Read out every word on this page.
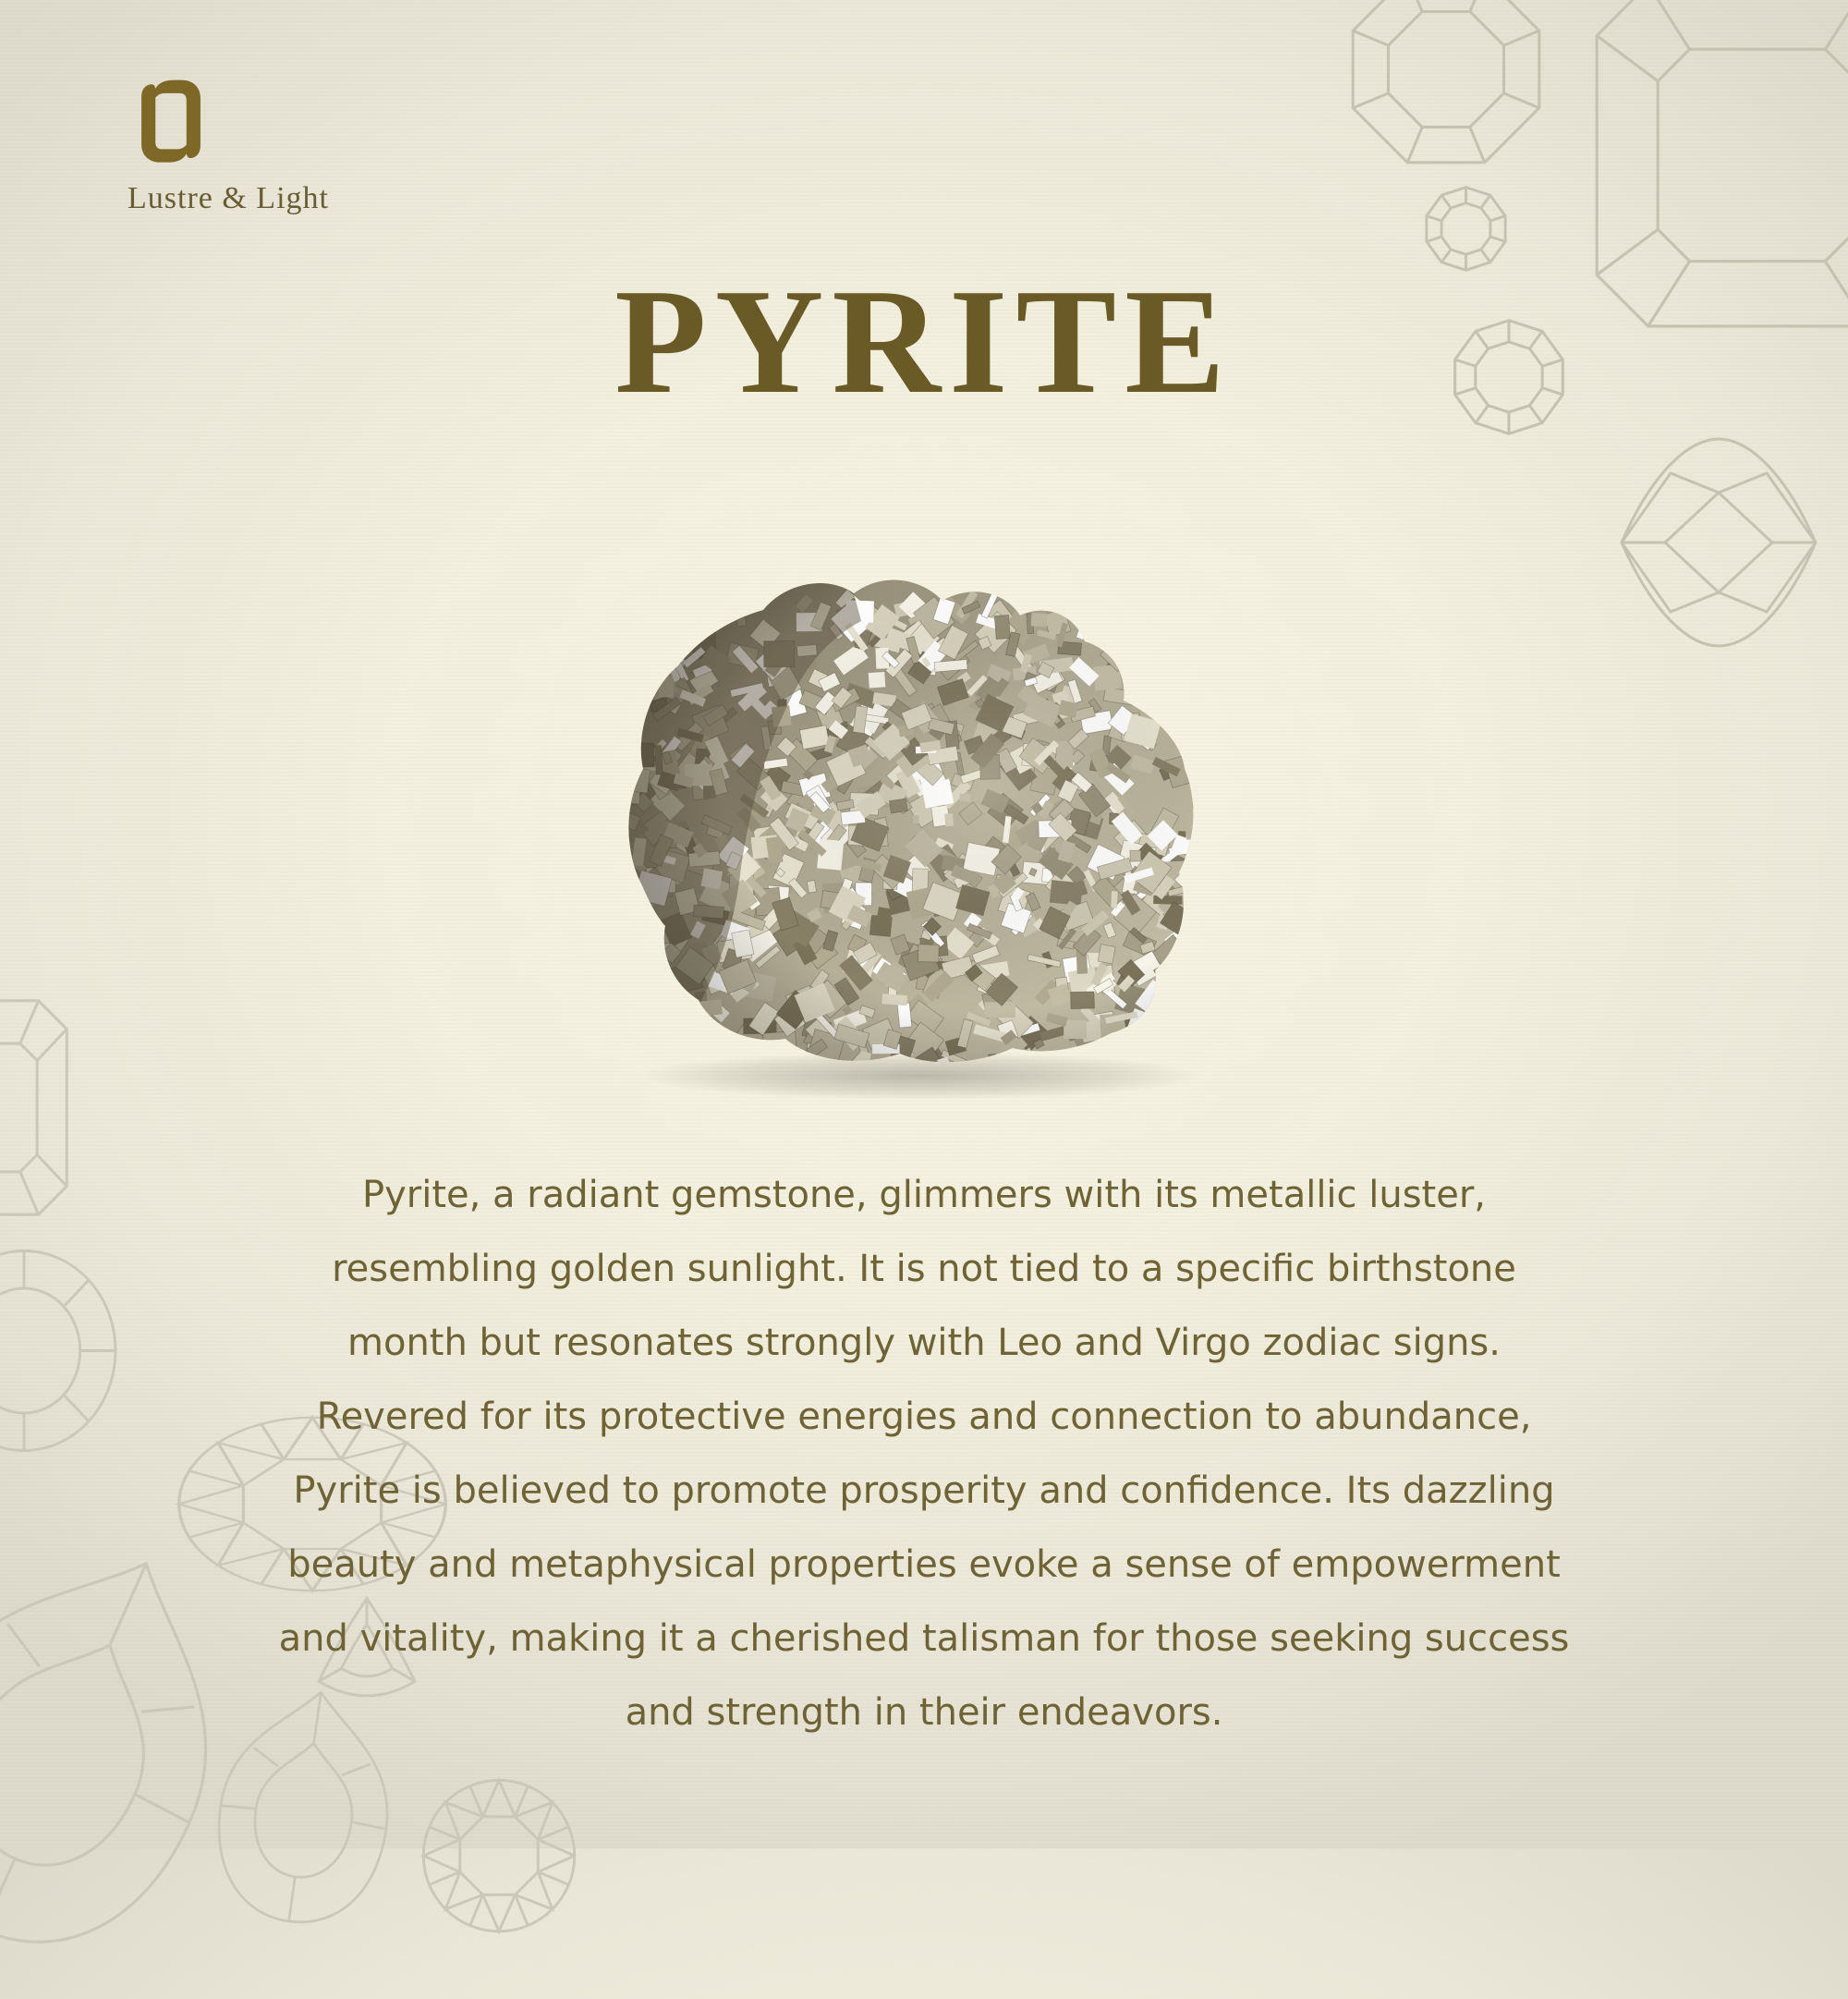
Lustre & Light
PYRITE
Pyrite, a radiant gemstone, glimmers with its metallic luster,
resembling golden sunlight. It is not tied to a specific birthstone
month but resonates strongly with Leo and Virgo zodiac signs.
Revered for its protective energies and connection to abundance,
Pyrite is believed to promote prosperity and confidence. Its dazzling
beauty and metaphysical properties evoke a sense of empowerment
and vitality, making it a cherished talisman for those seeking success
and strength in their endeavors.
